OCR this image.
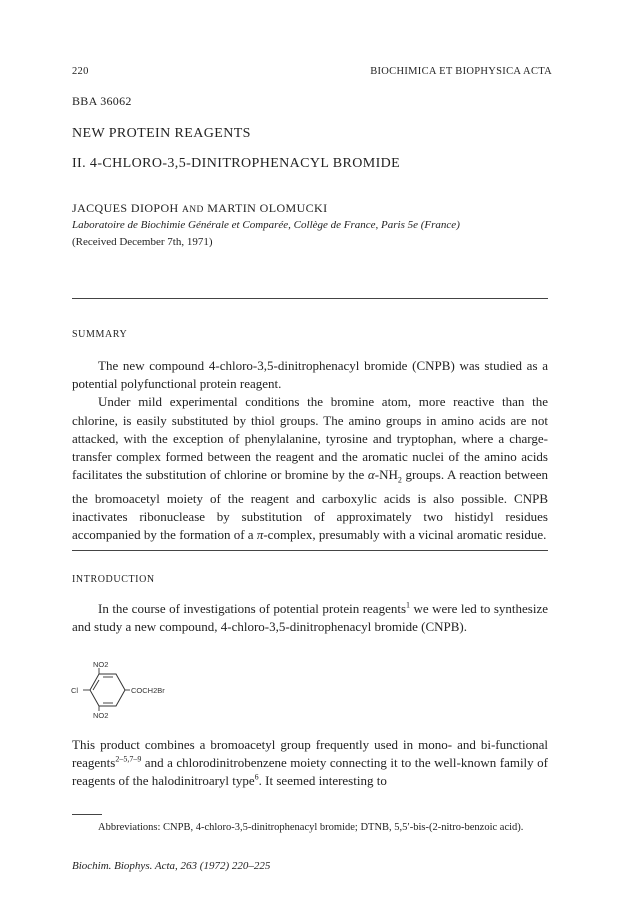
220	BIOCHIMICA ET BIOPHYSICA ACTA
BBA 36062
NEW PROTEIN REAGENTS
II. 4-CHLORO-3,5-DINITROPHENACYL BROMIDE
JACQUES DIOPOH AND MARTIN OLOMUCKI
Laboratoire de Biochimie Générale et Comparée, Collège de France, Paris 5e (France)
(Received December 7th, 1971)
SUMMARY

The new compound 4-chloro-3,5-dinitrophenacyl bromide (CNPB) was studied as a potential polyfunctional protein reagent.

Under mild experimental conditions the bromine atom, more reactive than the chlorine, is easily substituted by thiol groups. The amino groups in amino acids are not attacked, with the exception of phenylalanine, tyrosine and tryptophan, where a charge-transfer complex formed between the reagent and the aromatic nuclei of the amino acids facilitates the substitution of chlorine or bromine by the $\alpha-NH_2$ groups. A reaction between the bromoacetyl moiety of the reagent and carboxylic acids is also possible. CNPB inactivates ribonuclease by substitution of approximately two histidyl residues accompanied by the formation of a π-complex, presumably with a vicinal aromatic residue.

INTRODUCTION

In the course of investigations of potential protein reagents$^1$ we were led to synthesize and study a new compound, 4-chloro-3,5-dinitrophenacyl bromide (CNPB).

NO2
NO2
Cl	COCH2Br

This product combines a bromoacetyl group frequently used in mono- and bi-functional reagents$^{2-5,7-9}$ and a chlorodinitrobenzene moiety connecting it to the well-known family of reagents of the halodinitroaryl type$^6$. It seemed interesting to

Abbreviations: CNPB, 4-chloro-3,5-dinitrophenacyl bromide; DTNB, 5,5′-bis-(2-nitro-benzoic acid).

Biochim. Biophys. Acta, 263 (1972) 220–225
